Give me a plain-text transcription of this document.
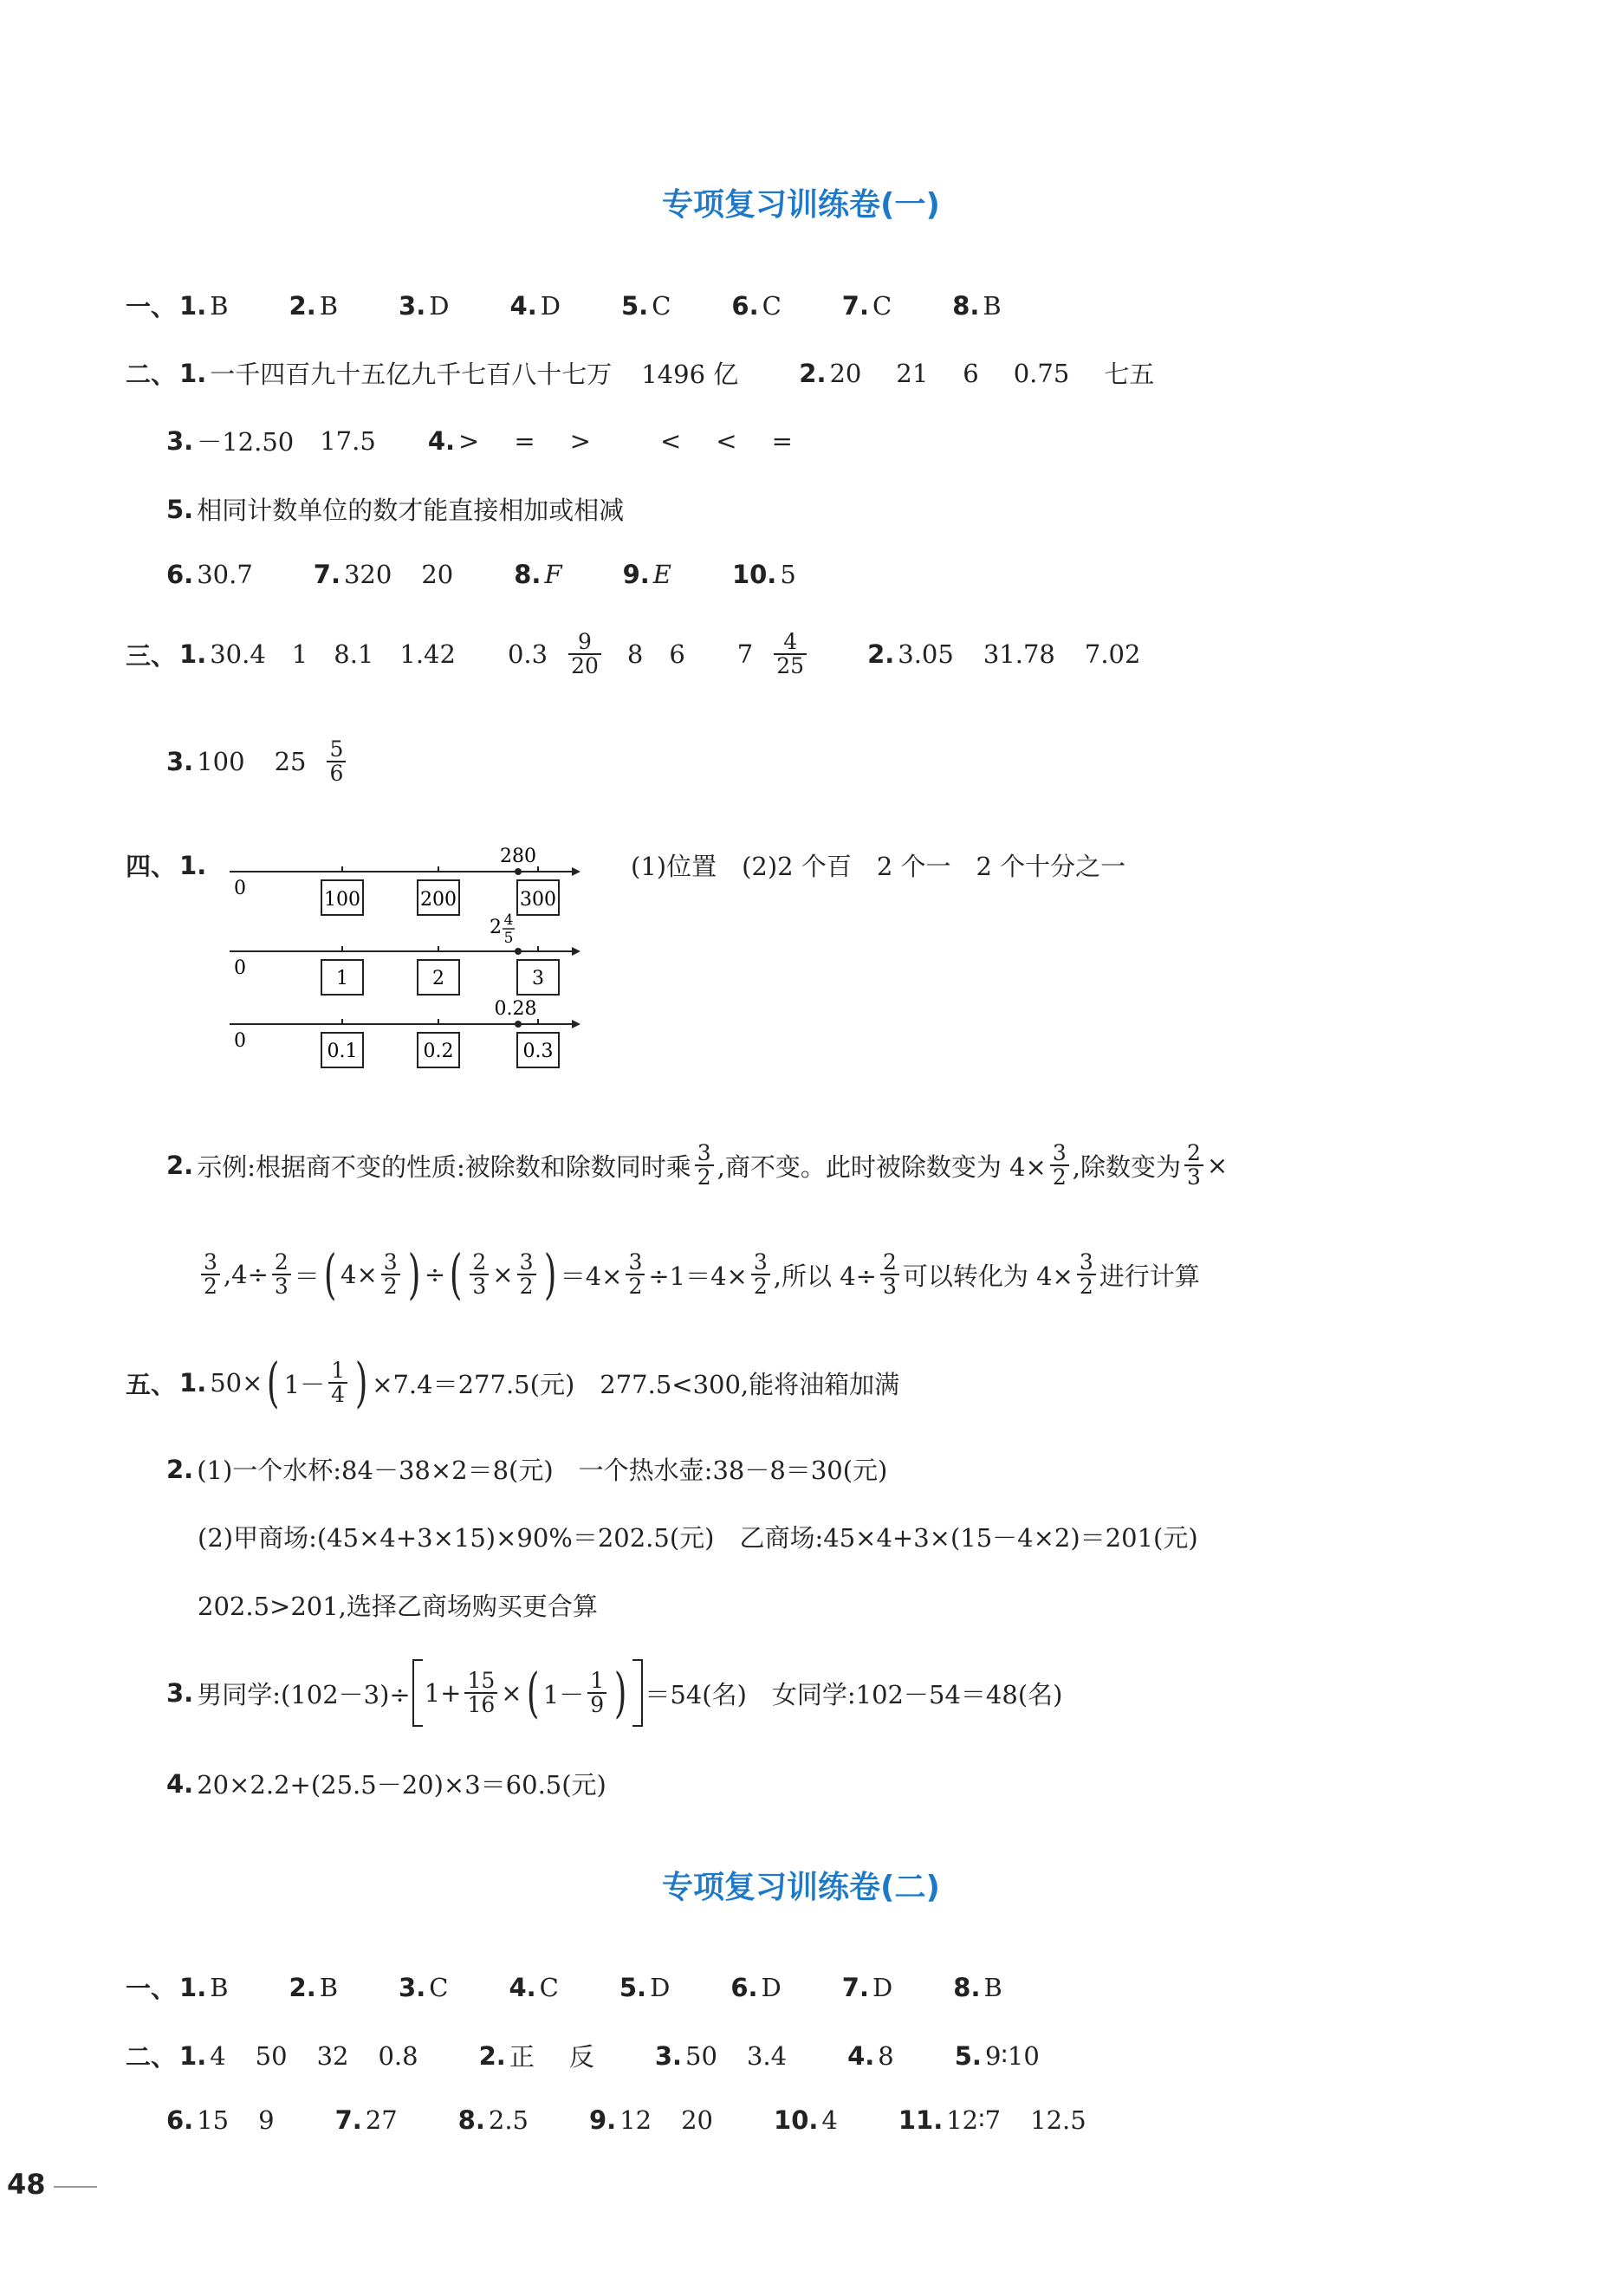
专项复习训练卷(一)
一、 1. B 2. B 3. D 4. D 5. C 6. C 7. C 8. B
二、 1. 一千四百九十五亿九千七百八十七万 1496 亿 2. 20 21 6 0.75 七五
3. －12.50 17.5 4. > = >	< < =
5. 相同计数单位的数才能直接相加或相减
6. 30.7 7. 320 20 8. F 9. E 10. 5
三、 1. 30.4 1 8.1 1.42 $0.3 \frac{9}{20} 8$ 6 $7 \frac{4}{25} 2$. 3.05 31.78 7.02
3. 100 $25 \frac{5}{6}$
四、 1.	280
0
100	200	300
2 4
5
0	1	2	3
0.28
0	0.1	0.2	0.3
(1)位置　(2)2 个百　2 个一　2 个十分之一
2. 示例:根据商不变的性质:被除数和除数同时乘 $\frac{3}{2}$ ,商不变。此时被除数变为 $4\times \frac{3}{2}$ ,除数变为 $\frac{2}{3}$ ×
$\frac{3}{2} ,4\div \frac{2}{3}$ ＝ ( $4\times \frac{3}{2}$ ) ÷ ( $\frac{2}{3} \times \frac{3}{2}$ ) $=4\times \frac{3}{2} \div 1=4\times \frac{3}{2}$ ,所以 $4\div \frac{2}{3}$ 可以转化为 $4\times \frac{3}{2}$ 进行计算
五、 1. 50× ( $1- \frac{1}{4}$ ) ×7.4＝277.5(元)　277.5<300,能将油箱加满
2. (1)一个水杯:84－38×2＝8(元)　一个热水壶:38－8＝30(元)
(2)甲商场:(45×4+3×15)×90%＝202.5(元)　乙商场:45×4+3×(15－4×2)＝201(元)
202.5>201,选择乙商场购买更合算
3. 男同学:(102－3)÷ $1+ \frac{15}{16}$ × ( $1- \frac{1}{9}$ ) ＝54(名)　女同学:102－54＝48(名)
4. 20×2.2+(25.5－20)×3＝60.5(元)
专项复习训练卷(二)
一、 1. B 2. B 3. C 4. C 5. D 6. D 7. D 8. B
二、 1. 4 50 32 0.8 2. 正 反 3. 50 3.4 4. 8 5. 9∶10
6. 15 9 7. 27 8. 2.5 9. 12 20 10. 4 11. 12∶7 12.5
48
